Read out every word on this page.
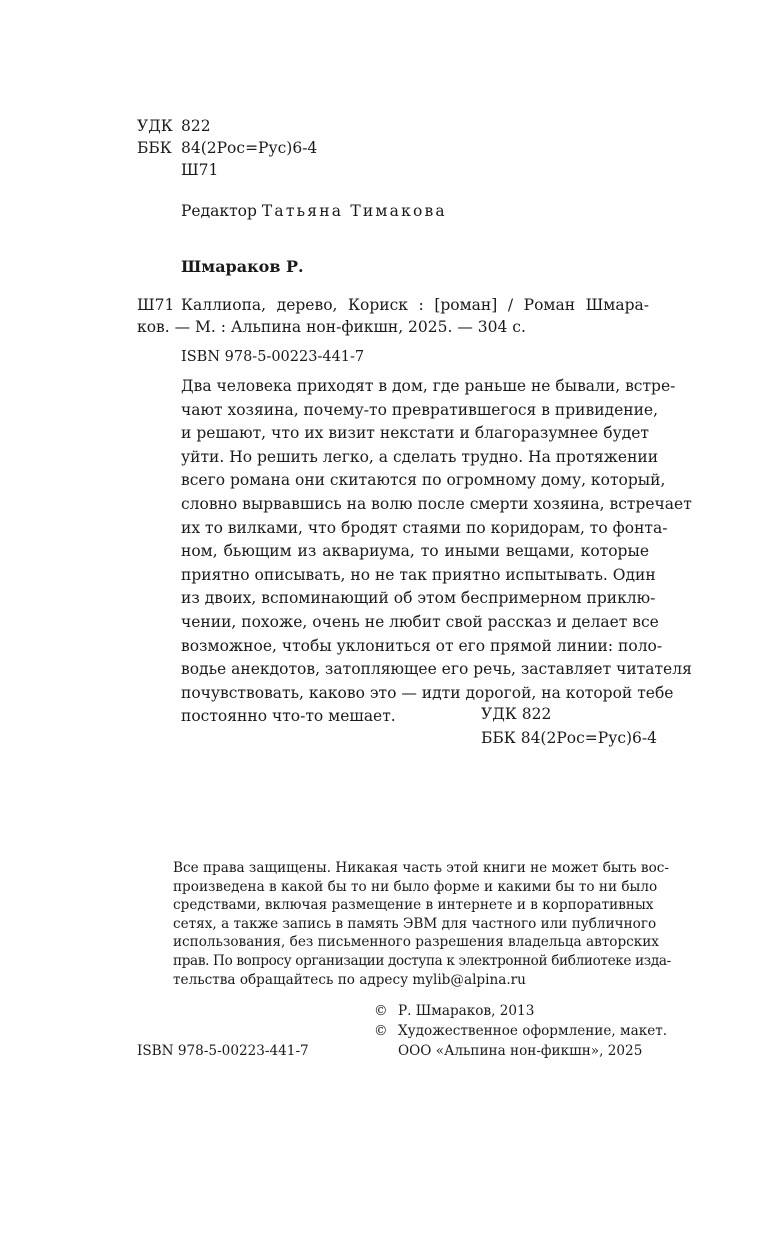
УДК 822
ББК 84(2Рос=Рус)6-4
Ш71
Редактор Татьяна Тимакова
Шмараков Р.
Ш71 Каллиопа, дерево, Кориск : [роман] / Роман Шмара-
ков. — М. : Альпина нон-фикшн, 2025. — 304 с.
ISBN 978-5-00223-441-7
Два человека приходят в дом, где раньше не бывали, встре-
чают хозяина, почему-то превратившегося в привидение,
и решают, что их визит некстати и благоразумнее будет
уйти. Но решить легко, а сделать трудно. На протяжении
всего романа они скитаются по огромному дому, который,
словно вырвавшись на волю после смерти хозяина, встречает
их то вилками, что бродят стаями по коридорам, то фонта-
ном, бьющим из аквариума, то иными вещами, которые
приятно описывать, но не так приятно испытывать. Один
из двоих, вспоминающий об этом беспримерном приклю-
чении, похоже, очень не любит свой рассказ и делает все
возможное, чтобы уклониться от его прямой линии: поло-
водье анекдотов, затопляющее его речь, заставляет читателя
почувствовать, каково это — идти дорогой, на которой тебе
постоянно что-то мешает.	УДК 822
ББК 84(2Рос=Рус)6-4
Все права защищены. Никакая часть этой книги не может быть вос-
произведена в какой бы то ни было форме и какими бы то ни было
средствами, включая размещение в интернете и в корпоративных
сетях, а также запись в память ЭВМ для частного или публичного
использования, без письменного разрешения владельца авторских
прав. По вопросу организации доступа к электронной библиотеке изда-
тельства обращайтесь по адресу mylib@alpina.ru
© Р. Шмараков, 2013
© Художественное оформление, макет.
ООО «Альпина нон-фикшн», 2025
ISBN 978-5-00223-441-7
